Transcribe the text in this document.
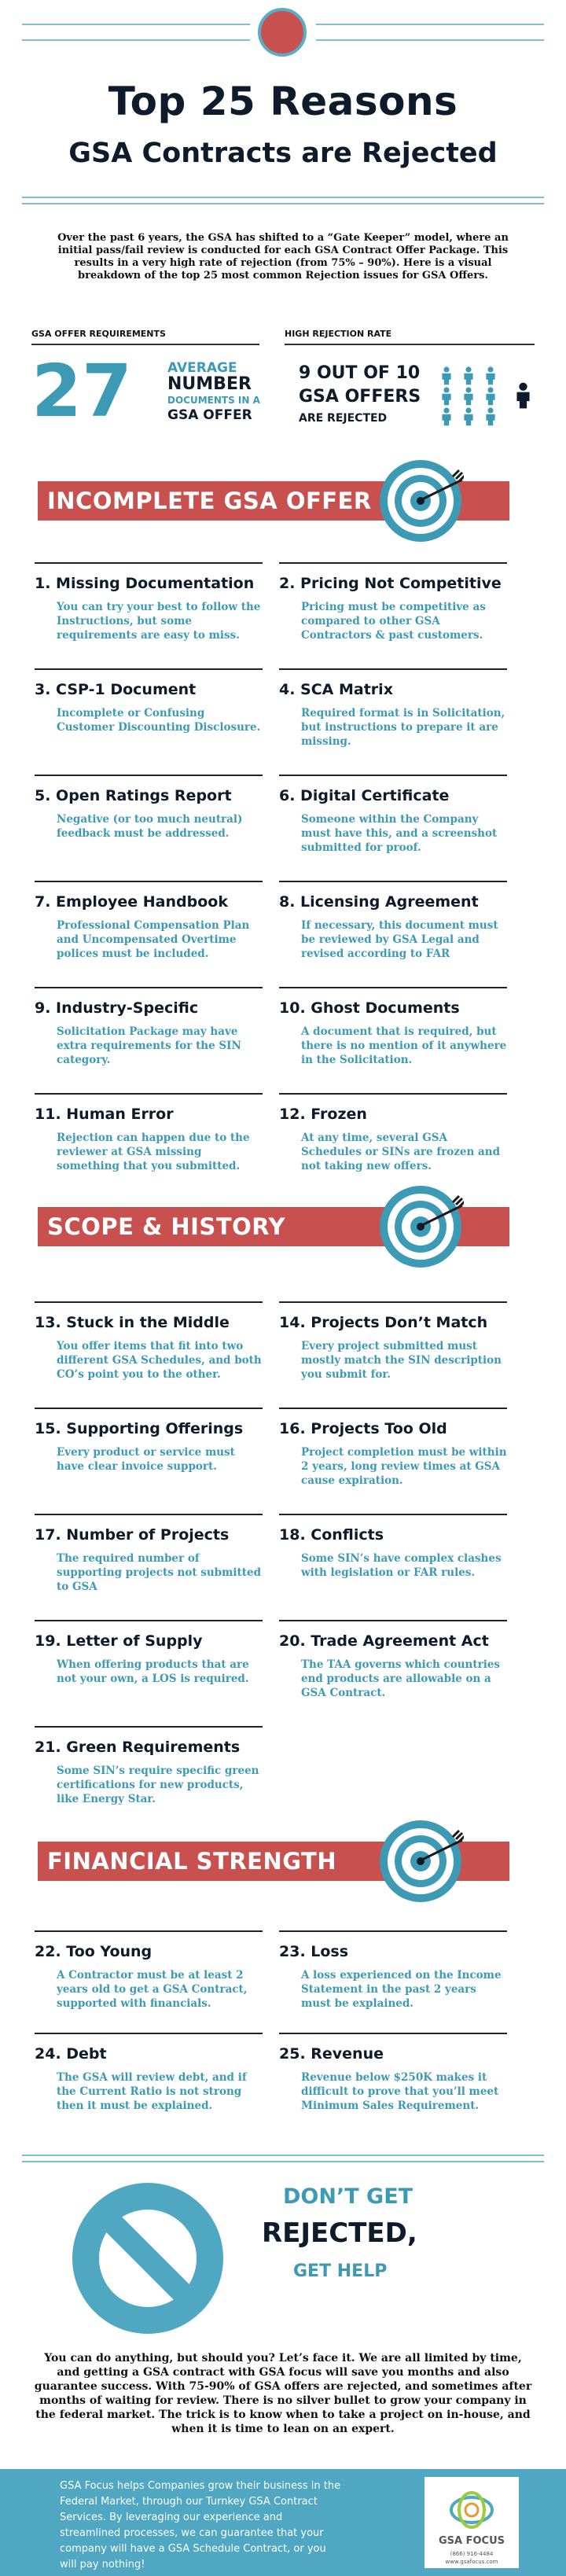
Top 25 Reasons
GSA Contracts are Rejected
Over the past 6 years, the GSA has shifted to a “Gate Keeper” model, where an initial pass/fail review is conducted for each GSA Contract Offer Package. This results in a very high rate of rejection (from 75% – 90%). Here is a visual breakdown of the top 25 most common Rejection issues for GSA Offers.
GSA OFFER REQUIREMENTS
27	AVERAGE
NUMBER
DOCUMENTS IN A
GSA OFFER
HIGH REJECTION RATE
9 OUT OF 10
GSA OFFERS
ARE REJECTED
INCOMPLETE GSA OFFER
SCOPE & HISTORY
FINANCIAL STRENGTH
1. Missing Documentation
You can try your best to follow the Instructions, but some requirements are easy to miss.
2. Pricing Not Competitive
Pricing must be competitive as compared to other GSA Contractors & past customers.
3. CSP-1 Document
Incomplete or Confusing Customer Discounting Disclosure.
4. SCA Matrix
Required format is in Solicitation, but instructions to prepare it are missing.
5. Open Ratings Report
Negative (or too much neutral) feedback must be addressed.
6. Digital Certificate
Someone within the Company must have this, and a screenshot submitted for proof.
7. Employee Handbook
Professional Compensation Plan and Uncompensated Overtime polices must be included.
8. Licensing Agreement
If necessary, this document must be reviewed by GSA Legal and revised according to FAR
9. Industry-Specific
Solicitation Package may have extra requirements for the SIN category.
10. Ghost Documents
A document that is required, but there is no mention of it anywhere in the Solicitation.
11. Human Error
Rejection can happen due to the reviewer at GSA missing something that you submitted.
12. Frozen
At any time, several GSA Schedules or SINs are frozen and not taking new offers.
13. Stuck in the Middle
You offer items that fit into two different GSA Schedules, and both CO’s point you to the other.
14. Projects Don’t Match
Every project submitted must mostly match the SIN description you submit for.
15. Supporting Offerings
Every product or service must have clear invoice support.
16. Projects Too Old
Project completion must be within 2 years, long review times at GSA cause expiration.
17. Number of Projects
The required number of supporting projects not submitted to GSA
18. Conflicts
Some SIN’s have complex clashes with legislation or FAR rules.
19. Letter of Supply
When offering products that are not your own, a LOS is required.
20. Trade Agreement Act
The TAA governs which countries end products are allowable on a GSA Contract.
21. Green Requirements
Some SIN’s require specific green certifications for new products, like Energy Star.
22. Too Young
A Contractor must be at least 2 years old to get a GSA Contract, supported with financials.
23. Loss
A loss experienced on the Income Statement in the past 2 years must be explained.
24. Debt
The GSA will review debt, and if the Current Ratio is not strong then it must be explained.
25. Revenue
Revenue below $250K makes it difficult to prove that you’ll meet Minimum Sales Requirement.
DON’T GET
REJECTED,
GET HELP
You can do anything, but should you? Let’s face it. We are all limited by time, and getting a GSA contract with GSA focus will save you months and also guarantee success. With 75-90% of GSA offers are rejected, and sometimes after months of waiting for review. There is no silver bullet to grow your company in the federal market. The trick is to know when to take a project on in-house, and when it is time to lean on an expert.
GSA Focus helps Companies grow their business in the Federal Market, through our Turnkey GSA Contract Services. By leveraging our experience and streamlined processes, we can guarantee that your company will have a GSA Schedule Contract, or you will pay nothing!
GSA FOCUS
(866) 916-4484
www.gsafocus.com
